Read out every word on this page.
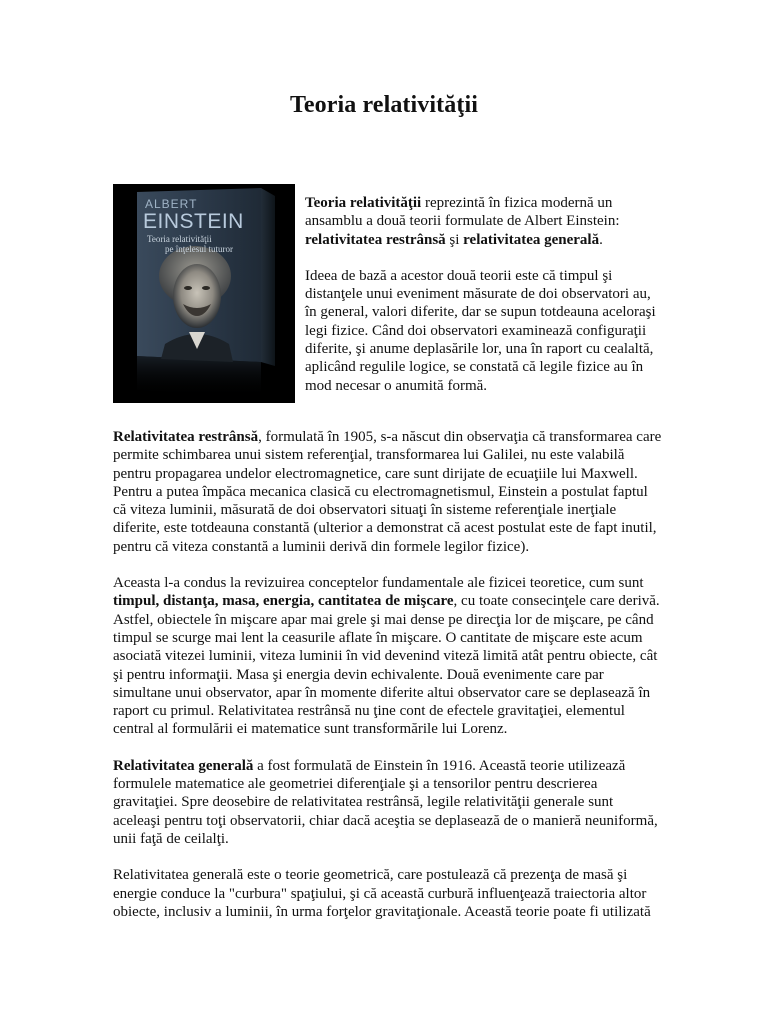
Teoria relativităţii
ALBERT
EINSTEIN
Teoria relativităţii
pe înţelesul tuturor

Teoria relativităţii reprezintă în fizica modernă un ansamblu a două teorii formulate de Albert Einstein: relativitatea restrânsă şi relativitatea generală.

Ideea de bază a acestor două teorii este că timpul şi distanţele unui eveniment măsurate de doi observatori au, în general, valori diferite, dar se supun totdeauna aceloraşi legi fizice. Când doi observatori examinează configuraţii diferite, şi anume deplasările lor, una în raport cu cealaltă, aplicând regulile logice, se constată că legile fizice au în mod necesar o anumită formă.

Relativitatea restrânsă, formulată în 1905, s-a născut din observaţia că transformarea care permite schimbarea unui sistem referenţial, transformarea lui Galilei, nu este valabilă pentru propagarea undelor electromagnetice, care sunt dirijate de ecuaţiile lui Maxwell. Pentru a putea împăca mecanica clasică cu electromagnetismul, Einstein a postulat faptul că viteza luminii, măsurată de doi observatori situaţi în sisteme referenţiale inerţiale diferite, este totdeauna constantă (ulterior a demonstrat că acest postulat este de fapt inutil, pentru că viteza constantă a luminii derivă din formele legilor fizice).

Aceasta l-a condus la revizuirea conceptelor fundamentale ale fizicei teoretice, cum sunt timpul, distanţa, masa, energia, cantitatea de mişcare, cu toate consecinţele care derivă. Astfel, obiectele în mişcare apar mai grele şi mai dense pe direcţia lor de mişcare, pe când timpul se scurge mai lent la ceasurile aflate în mişcare. O cantitate de mişcare este acum asociată vitezei luminii, viteza luminii în vid devenind viteză limită atât pentru obiecte, cât şi pentru informaţii. Masa şi energia devin echivalente. Două evenimente care par simultane unui observator, apar în momente diferite altui observator care se deplasează în raport cu primul. Relativitatea restrânsă nu ţine cont de efectele gravitaţiei, elementul central al formulării ei matematice sunt transformările lui Lorenz.

Relativitatea generală a fost formulată de Einstein în 1916. Această teorie utilizează formulele matematice ale geometriei diferenţiale şi a tensorilor pentru descrierea gravitaţiei. Spre deosebire de relativitatea restrânsă, legile relativităţii generale sunt aceleaşi pentru toţi observatorii, chiar dacă aceştia se deplasează de o manieră neuniformă, unii faţă de ceilalţi.

Relativitatea generală este o teorie geometrică, care postulează că prezenţa de masă şi energie conduce la "curbura" spaţiului, şi că această curbură influenţează traiectoria altor obiecte, inclusiv a luminii, în urma forţelor gravitaţionale. Această teorie poate fi utilizată
